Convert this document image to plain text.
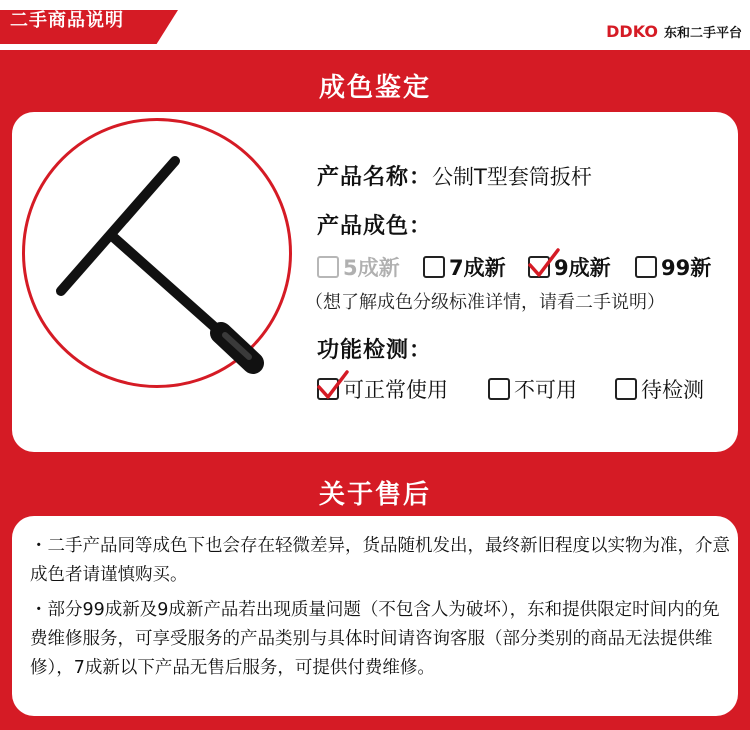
二手商品说明
DDKO 东和二手平台
成色鉴定
产品名称：公制T型套筒扳杆
产品成色：
5成新 7成新 9成新 99新
（想了解成色分级标准详情，请看二手说明）
功能检测：
可正常使用	不可用	待检测
关于售后

・二手产品同等成色下也会存在轻微差异，货品随机发出，最终新旧程度以实物为准，介意成色者请谨慎购买。

・部分99成新及9成新产品若出现质量问题（不包含人为破坏），东和提供限定时间内的免费维修服务，可享受服务的产品类别与具体时间请咨询客服（部分类别的商品无法提供维修），7成新以下产品无售后服务，可提供付费维修。
